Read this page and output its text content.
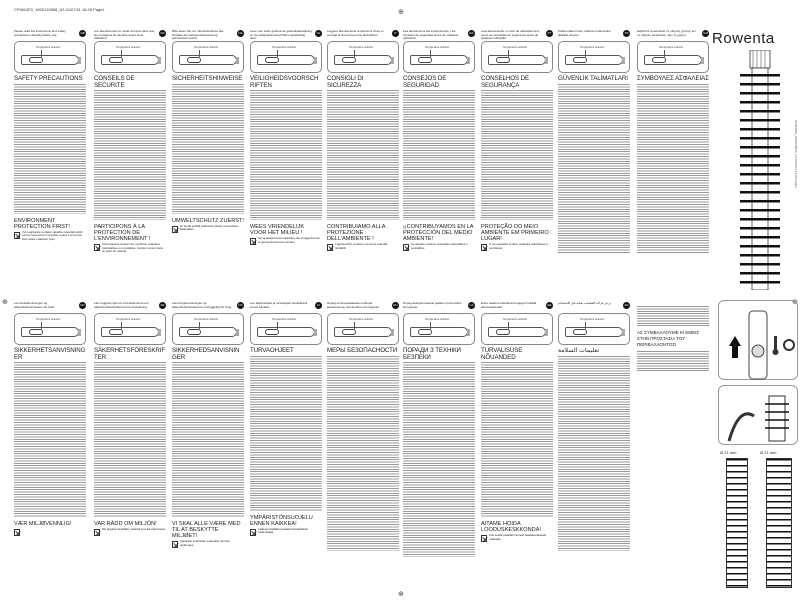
CF9810F0_1800120556_A3 01/07/11 16:28 Page1	⊕
⊕
⊕
⊕
Please read the instructions and safety precautions carefully before use.	GB
Temperature selector
SAFETY PRECAUTIONS
ENVIRONMENT PROTECTION FIRST!
Your appliance contains valuable materials which can be recovered or recycled. Leave it at a local civic waste collection point.
Lire attentivement le mode d'emploi ainsi que les consignes de sécurité avant toute utilisation.
FR
Temperature selector
CONSEILS DE SECURITE
PARTICIPONS À LA PROTECTION DE L'ENVIRONNEMENT !
Votre appareil contient de nombreux matériaux valorisables ou recyclables. Confiez celui-ci dans un point de collecte.
Bitte lesen Sie vor Inbetriebnahme des Gerätes die Gebrauchsanweisung aufmerksam durch.
DE
Temperature selector
SICHERHEITSHINWEISE
UMWELTSCHUTZ ZUERST!
Ihr Gerät enthält zahlreiche wieder verwertbare Materialien.
Lees voor ieder gebruik de gebruiksaanwijzing en de veiligheidsvoorschriften aandachtig door.
NL
Temperature selector
VEILIGHEIDSVOORSCHRIFTEN
WEES VRIENDELIJK VOOR HET MILIEU !
Uw apparaat bevat materialen die teruggewonnen of gerecycled kunnen worden.
Leggere attentamente le istruzioni d'uso e i consigli di sicurezza prima dell'utilizzo.	IT
Temperature selector
CONSIGLI DI SICUREZZA
CONTRIBUIAMO ALLA PROTEZIONE DELL'AMBIENTE !
L'apparecchio contiene numerosi materiali riciclabili.
Lea atentamente las instrucciones y los consejos de seguridad antes de cualquier utilización.
ES
Temperature selector
CONSEJOS DE SEGURIDAD
¡¡CONTRIBUYAMOS EN LA PROTECCIÓN DEL MEDIO AMBIENTE!
Su aparato contiene materiales valorizables o reciclables.
Leia atentamente o modo de utilização bem como as instruções de segurança antes de qualquer utilização.
PT
Temperature selector
CONSELHOS DE SEGURANÇA
PROTEÇÃO DO MEIO AMBIENTE EM PRIMEIRO LUGAR!
O seu aparelho contém materiais valorizáveis e recicláveis.
Kullanmadan önce, kullanım kılavuzunu dikkatle okuyun.	TR
Temperature selector
GÜVENLİK TALİMATLARI
Διαβάστε προσεκτικά τις οδηγίες χρήσης και τις οδηγίες ασφαλείας πριν τη χρήση.	GR
Temperature selector
ΣΥΜΒΟΥΛΕΣ ΑΣΦΑΛΕΙΑΣ
Les bruksanvisningen og sikkerhetsinstruksene før bruk.	NO
Temperature selector
SIKKERHETSANVISNINGER
VÆR MILJØVENNLIG!
Läs noggrant igenom instruktionerna och säkerhetsföreskrifterna före användning.	SE
Temperature selector
SÄKERHETSFÖRESKRIFTER
VAR RÄDD OM MILJÖN!
Din apparat innehåller material som kan återvinnas.
Læs brugsanvisningen og sikkerhedsinstrukserne omhyggeligt før brug.	DK
Temperature selector
SIKKERHEDSANVISNINGER
VI SKAL ALLE VÆRE MED TIL AT BESKYTTE MILJØET!
Apparatet indeholder materialer, der kan genbruges.
Lue käyttöohjeet ja turvaohjeet huolellisesti ennen käyttöä.	FI
Temperature selector
TURVAOHJEET
YMPÄRISTÖNSUOJELU ENNEN KAIKKEA!
Laitteesi sisältää runsaasti kierrätettäviä materiaaleja.
Перед использованием прибора внимательно прочитайте инструкцию.	RU
Temperature selector
МЕРЫ БЕЗОПАСНОСТИ
Перед використанням уважно прочитайте інструкцію.	UA
Temperature selector
ПОРАДИ З ТЕХНІКИ БЕЗПЕКИ
Enne seadme kasutamist lugege hoolikalt kasutusjuhendit.	EE
Temperature selector
TURVALISUSE NÕUANDED
AITAME HOIDA LOODUSKESKKONDA!
Teie seade sisaldab mitmeid taaskasutatavaid materjale.
يرجى قراءة التعليمات بعناية قبل الاستخدام	AR
Temperature selector
تعليمات السلامة
ΑΣ ΣΥΜΒΑΛΛΟΥΜΕ ΚΙ ΕΜΕΙΣ ΣΤΗΝ ΠΡΟΣΤΑΣΙΑ ΤΟΥ ΠΕΡΙΒΑΛΛΟΝΤΟΣ!
Rowenta
CF9810F0_1800120556_A3 01/07/11 16:28 Page1
Ø 21 mm	Ø 21 mm
